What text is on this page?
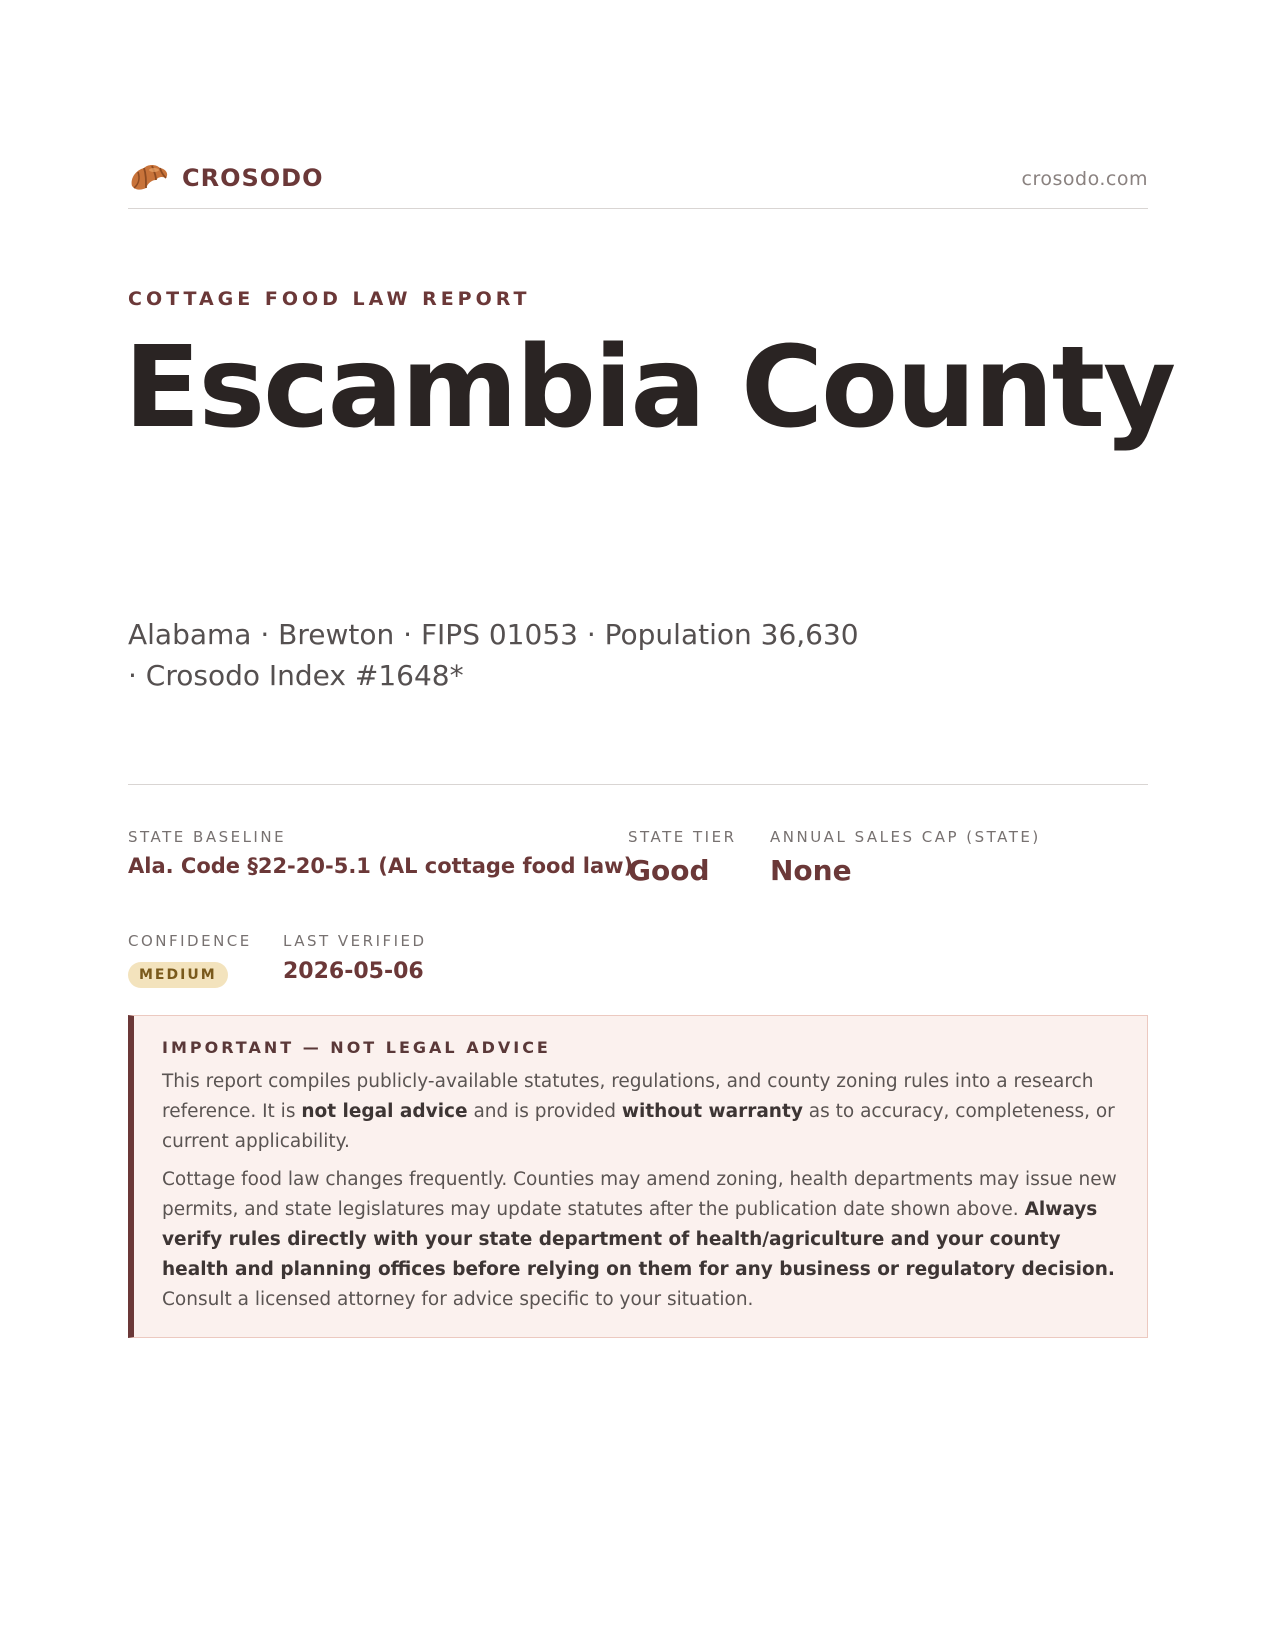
CROSODO	crosodo.com
COTTAGE FOOD LAW REPORT
Escambia County
Alabama · Brewton · FIPS 01053 · Population 36,630 · Crosodo Index #1648*
STATE BASELINE
Ala. Code §22-20-5.1 (AL cottage food law)
STATE TIER
Good
ANNUAL SALES CAP (STATE)
None
CONFIDENCE
MEDIUM
LAST VERIFIED
2026-05-06
IMPORTANT — NOT LEGAL ADVICE

This report compiles publicly-available statutes, regulations, and county zoning rules into a research reference. It is not legal advice and is provided without warranty as to accuracy, completeness, or current applicability.

Cottage food law changes frequently. Counties may amend zoning, health departments may issue new permits, and state legislatures may update statutes after the publication date shown above. Always verify rules directly with your state department of health/agriculture and your county health and planning offices before relying on them for any business or regulatory decision. Consult a licensed attorney for advice specific to your situation.
